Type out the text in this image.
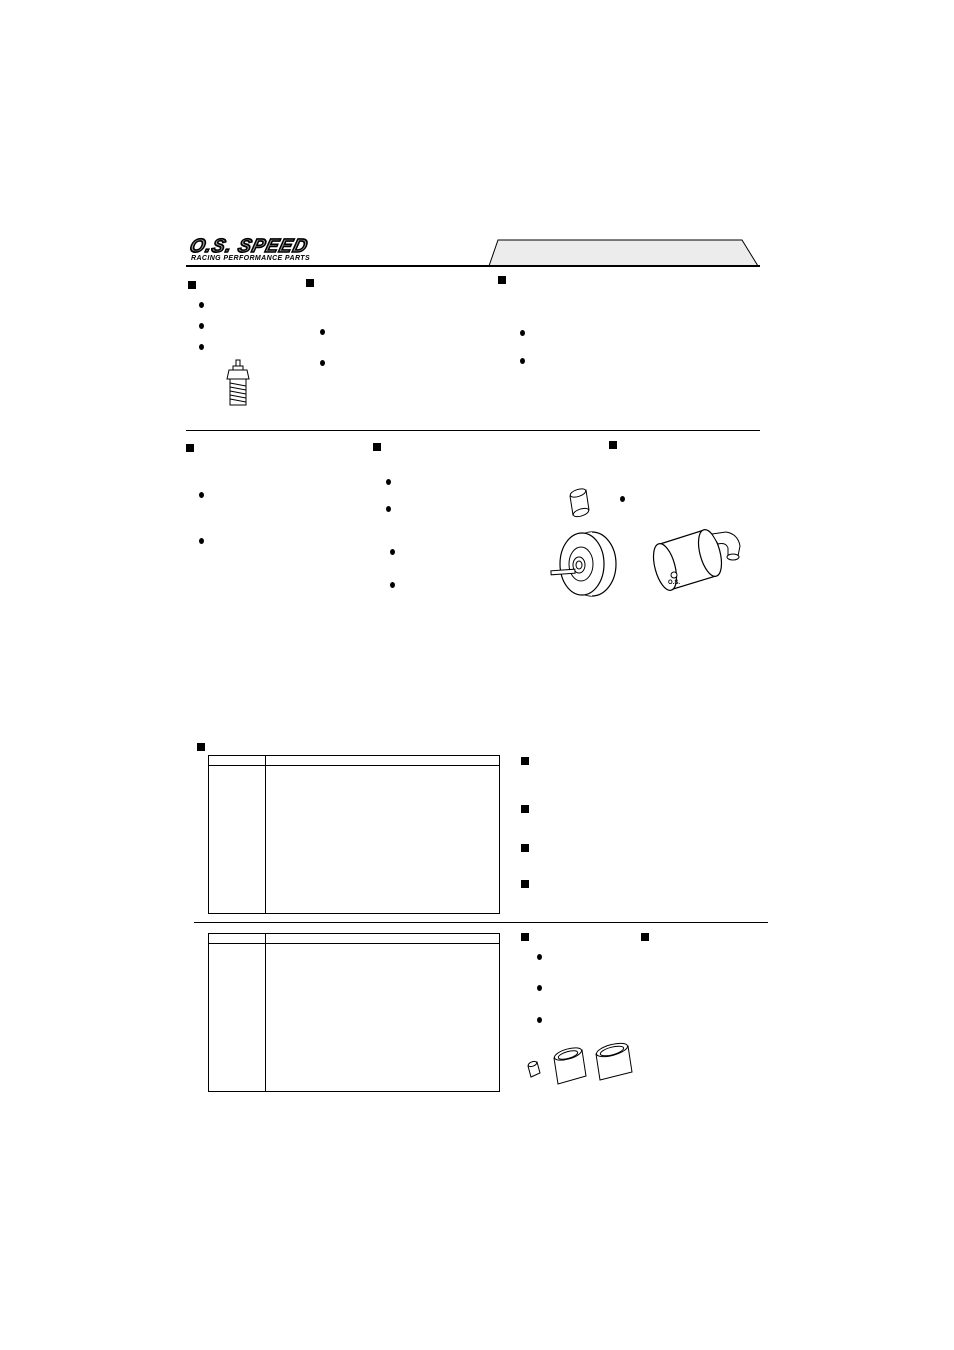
O.S. SPEED
RACING PERFORMANCE PARTS
O.S.
